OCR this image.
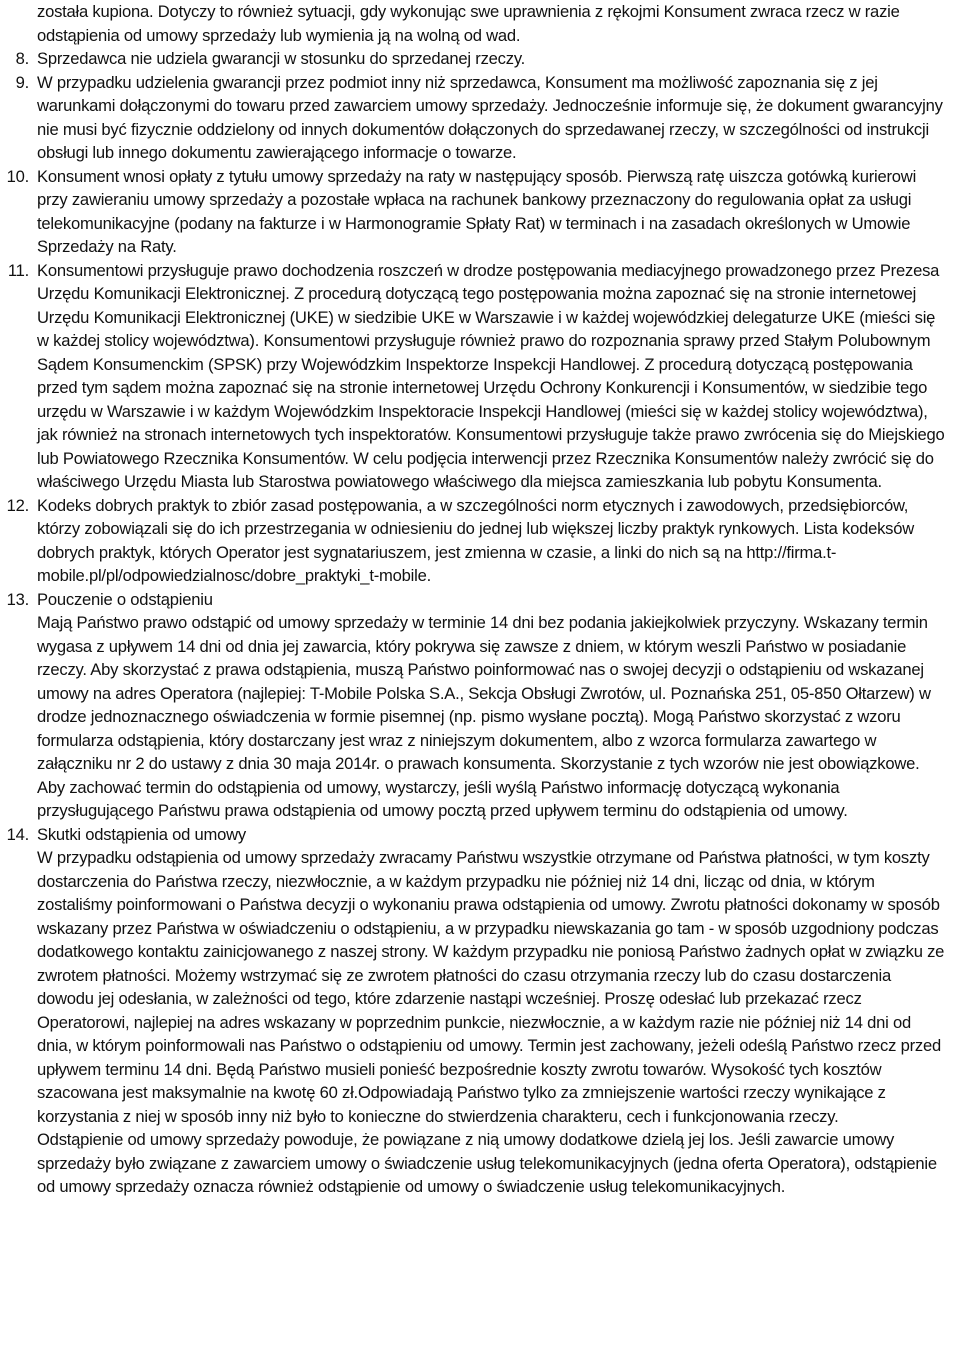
została kupiona. Dotyczy to również sytuacji, gdy wykonując swe uprawnienia z rękojmi Konsument zwraca rzecz w razie odstąpienia od umowy sprzedaży lub wymienia ją na wolną od wad.
8. Sprzedawca nie udziela gwarancji w stosunku do sprzedanej rzeczy.
9. W przypadku udzielenia gwarancji przez podmiot inny niż sprzedawca, Konsument ma możliwość zapoznania się z jej warunkami dołączonymi do towaru przed zawarciem umowy sprzedaży. Jednocześnie informuje się, że dokument gwarancyjny nie musi być fizycznie oddzielony od innych dokumentów dołączonych do sprzedawanej rzeczy, w szczególności od instrukcji obsługi lub innego dokumentu zawierającego informacje o towarze.
10. Konsument wnosi opłaty z tytułu umowy sprzedaży na raty w następujący sposób. Pierwszą ratę uiszcza gotówką kurierowi przy zawieraniu umowy sprzedaży a pozostałe wpłaca na rachunek bankowy przeznaczony do regulowania opłat za usługi telekomunikacyjne (podany na fakturze i w Harmonogramie Spłaty Rat) w terminach i na zasadach określonych w Umowie Sprzedaży na Raty.
11. Konsumentowi przysługuje prawo dochodzenia roszczeń w drodze postępowania mediacyjnego prowadzonego przez Prezesa Urzędu Komunikacji Elektronicznej. Z procedurą dotyczącą tego postępowania można zapoznać się na stronie internetowej Urzędu Komunikacji Elektronicznej (UKE) w siedzibie UKE w Warszawie i w każdej wojewódzkiej delegaturze UKE (mieści się w każdej stolicy województwa). Konsumentowi przysługuje również prawo do rozpoznania sprawy przed Stałym Polubownym Sądem Konsumenckim (SPSK) przy Wojewódzkim Inspektorze Inspekcji Handlowej. Z procedurą dotyczącą postępowania przed tym sądem można zapoznać się na stronie internetowej Urzędu Ochrony Konkurencji i Konsumentów, w siedzibie tego urzędu w Warszawie i w każdym Wojewódzkim Inspektoracie Inspekcji Handlowej (mieści się w każdej stolicy województwa), jak również na stronach internetowych tych inspektoratów. Konsumentowi przysługuje także prawo zwrócenia się do Miejskiego lub Powiatowego Rzecznika Konsumentów. W celu podjęcia interwencji przez Rzecznika Konsumentów należy zwrócić się do właściwego Urzędu Miasta lub Starostwa powiatowego właściwego dla miejsca zamieszkania lub pobytu Konsumenta.
12. Kodeks dobrych praktyk to zbiór zasad postępowania, a w szczególności norm etycznych i zawodowych, przedsiębiorców, którzy zobowiązali się do ich przestrzegania w odniesieniu do jednej lub większej liczby praktyk rynkowych. Lista kodeksów dobrych praktyk, których Operator jest sygnatariuszem, jest zmienna w czasie, a linki do nich są na http://firma.t-mobile.pl/pl/odpowiedzialnosc/dobre_praktyki_t-mobile.
13. Pouczenie o odstąpieniu
Mają Państwo prawo odstąpić od umowy sprzedaży w terminie 14 dni bez podania jakiejkolwiek przyczyny. Wskazany termin wygasa z upływem 14 dni od dnia jej zawarcia, który pokrywa się zawsze z dniem, w którym weszli Państwo w posiadanie rzeczy. Aby skorzystać z prawa odstąpienia, muszą Państwo poinformować nas o swojej decyzji o odstąpieniu od wskazanej umowy na adres Operatora (najlepiej: T-Mobile Polska S.A., Sekcja Obsługi Zwrotów, ul. Poznańska 251, 05-850 Ołtarzew) w drodze jednoznacznego oświadczenia w formie pisemnej (np. pismo wysłane pocztą). Mogą Państwo skorzystać z wzoru formularza odstąpienia, który dostarczany jest wraz z niniejszym dokumentem, albo z wzorca formularza zawartego w załączniku nr 2 do ustawy z dnia 30 maja 2014r. o prawach konsumenta. Skorzystanie z tych wzorów nie jest obowiązkowe. Aby zachować termin do odstąpienia od umowy, wystarczy, jeśli wyślą Państwo informację dotyczącą wykonania przysługującego Państwu prawa odstąpienia od umowy pocztą przed upływem terminu do odstąpienia od umowy.
14. Skutki odstąpienia od umowy
W przypadku odstąpienia od umowy sprzedaży zwracamy Państwu wszystkie otrzymane od Państwa płatności, w tym koszty dostarczenia do Państwa rzeczy, niezwłocznie, a w każdym przypadku nie później niż 14 dni, licząc od dnia, w którym zostaliśmy poinformowani o Państwa decyzji o wykonaniu prawa odstąpienia od umowy. Zwrotu płatności dokonamy w sposób wskazany przez Państwa w oświadczeniu o odstąpieniu, a w przypadku niewskazania go tam - w sposób uzgodniony podczas dodatkowego kontaktu zainicjowanego z naszej strony. W każdym przypadku nie poniosą Państwo żadnych opłat w związku ze zwrotem płatności. Możemy wstrzymać się ze zwrotem płatności do czasu otrzymania rzeczy lub do czasu dostarczenia dowodu jej odesłania, w zależności od tego, które zdarzenie nastąpi wcześniej. Proszę odesłać lub przekazać rzecz Operatorowi, najlepiej na adres wskazany w poprzednim punkcie, niezwłocznie, a w każdym razie nie później niż 14 dni od dnia, w którym poinformowali nas Państwo o odstąpieniu od umowy. Termin jest zachowany, jeżeli odeślą Państwo rzecz przed upływem terminu 14 dni. Będą Państwo musieli ponieść bezpośrednie koszty zwrotu towarów. Wysokość tych kosztów szacowana jest maksymalnie na kwotę 60 zł.Odpowiadają Państwo tylko za zmniejszenie wartości rzeczy wynikające z korzystania z niej w sposób inny niż było to konieczne do stwierdzenia charakteru, cech i funkcjonowania rzeczy.
Odstąpienie od umowy sprzedaży powoduje, że powiązane z nią umowy dodatkowe dzielą jej los. Jeśli zawarcie umowy sprzedaży było związane z zawarciem umowy o świadczenie usług telekomunikacyjnych (jedna oferta Operatora), odstąpienie od umowy sprzedaży oznacza również odstąpienie od umowy o świadczenie usług telekomunikacyjnych.
